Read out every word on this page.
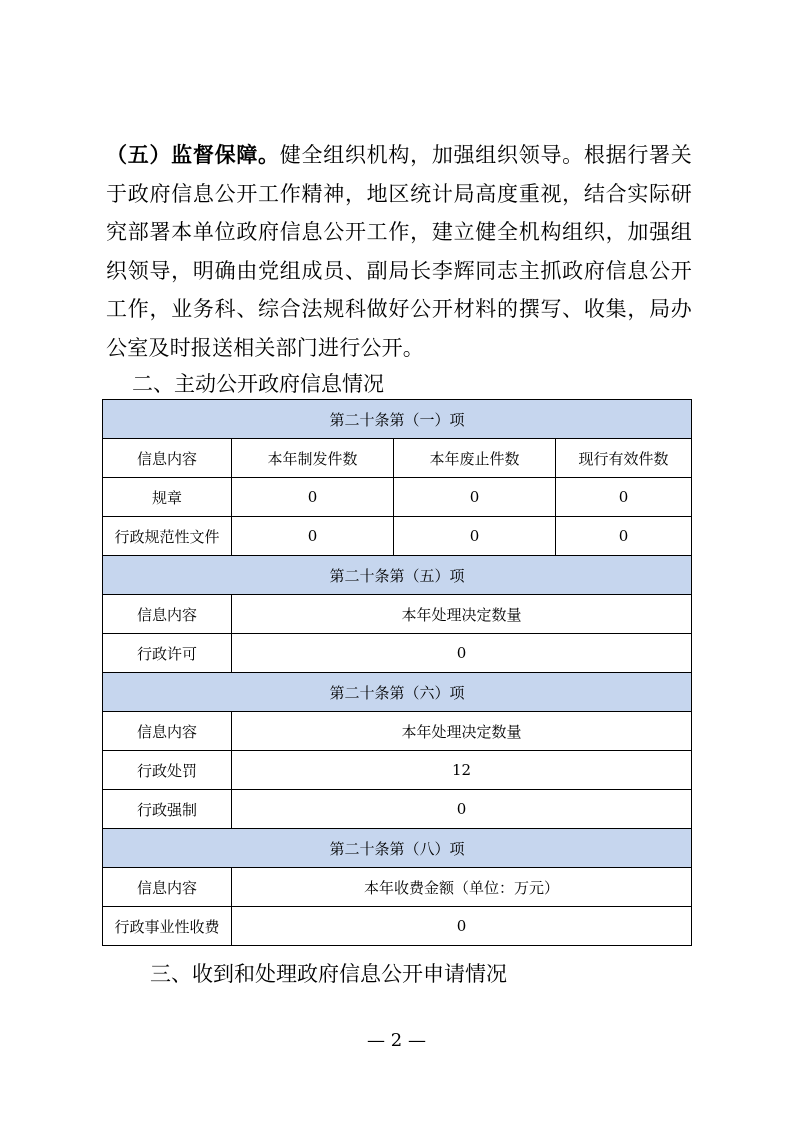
（五）监督保障。健全组织机构，加强组织领导。根据行署关于政府信息公开工作精神，地区统计局高度重视，结合实际研究部署本单位政府信息公开工作，建立健全机构组织，加强组织领导，明确由党组成员、副局长李辉同志主抓政府信息公开工作，业务科、综合法规科做好公开材料的撰写、收集，局办公室及时报送相关部门进行公开。
二、主动公开政府信息情况
第二十条第（一）项			
信息内容	本年制发件数	本年废止件数	现行有效件数
规章	0	0	0
行政规范性文件	0	0	0
第二十条第（五）项			
信息内容	本年处理决定数量		
行政许可	0		
第二十条第（六）项			
信息内容	本年处理决定数量		
行政处罚	12		
行政强制	0		
第二十条第（八）项			
信息内容	本年收费金额（单位：万元）		
行政事业性收费	0		
三、收到和处理政府信息公开申请情况
— 2 —
